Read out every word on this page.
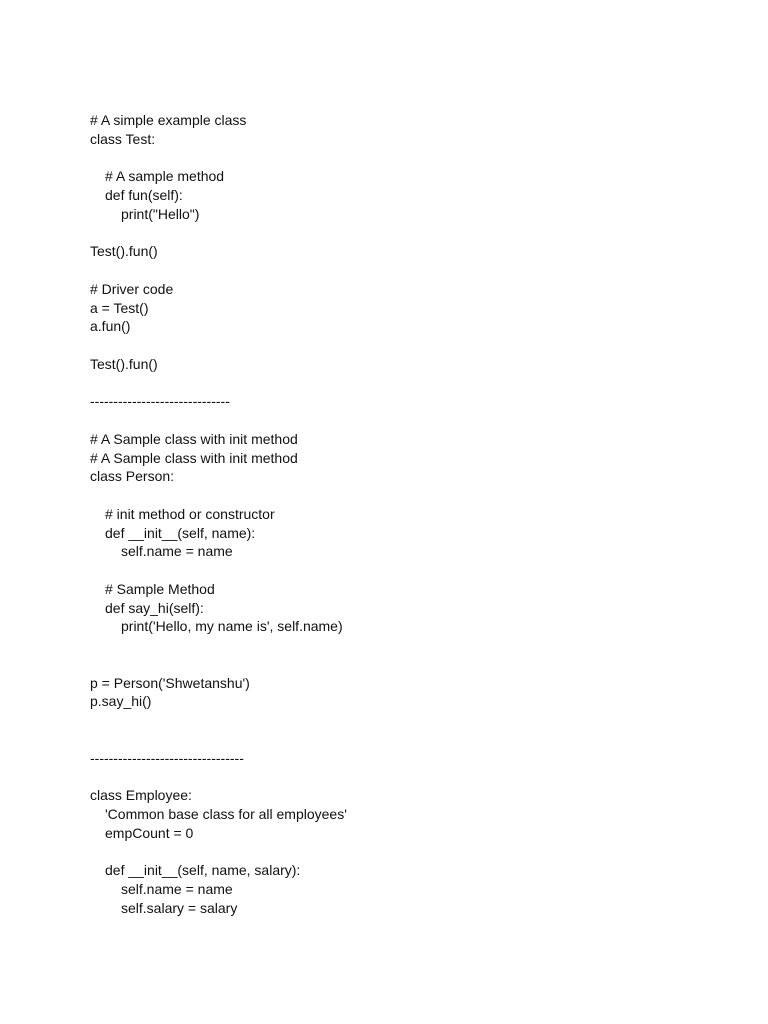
# A simple example class
class Test:
# A sample method
def fun(self):
print("Hello")
Test().fun()
# Driver code
a = Test()
a.fun()
Test().fun()
------------------------------
# A Sample class with init method
# A Sample class with init method
class Person:
# init method or constructor
def __init__(self, name):
self.name = name
# Sample Method
def say_hi(self):
print('Hello, my name is', self.name)
p = Person('Shwetanshu')
p.say_hi()
---------------------------------
class Employee:
'Common base class for all employees'
empCount = 0
def __init__(self, name, salary):
self.name = name
self.salary = salary
